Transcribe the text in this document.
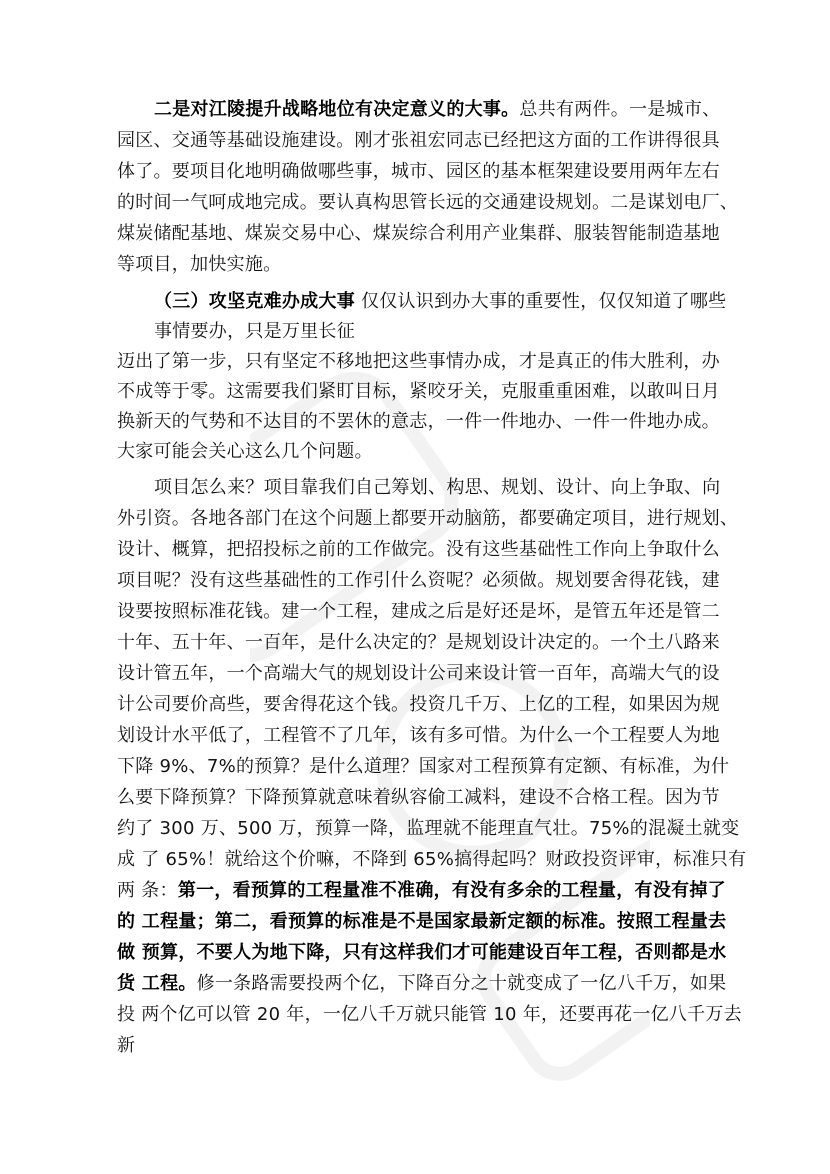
二是对江陵提升战略地位有决定意义的大事。总共有两件。一是城市、
园区、交通等基础设施建设。刚才张祖宏同志已经把这方面的工作讲得很具
体了。要项目化地明确做哪些事，城市、园区的基本框架建设要用两年左右
的时间一气呵成地完成。要认真构思管长远的交通建设规划。二是谋划电厂、
煤炭储配基地、煤炭交易中心、煤炭综合利用产业集群、服装智能制造基地
等项目，加快实施。
（三）攻坚克难办成大事 仅仅认识到办大事的重要性，仅仅知道了哪些
事情要办，只是万里长征
迈出了第一步，只有坚定不移地把这些事情办成，才是真正的伟大胜利，办
不成等于零。这需要我们紧盯目标，紧咬牙关，克服重重困难，以敢叫日月
换新天的气势和不达目的不罢休的意志，一件一件地办、一件一件地办成。
大家可能会关心这么几个问题。
项目怎么来？项目靠我们自己筹划、构思、规划、设计、向上争取、向
外引资。各地各部门在这个问题上都要开动脑筋，都要确定项目，进行规划、
设计、概算，把招投标之前的工作做完。没有这些基础性工作向上争取什么
项目呢？没有这些基础性的工作引什么资呢？必须做。规划要舍得花钱，建
设要按照标准花钱。建一个工程，建成之后是好还是坏，是管五年还是管二
十年、五十年、一百年，是什么决定的？是规划设计决定的。一个土八路来
设计管五年，一个高端大气的规划设计公司来设计管一百年，高端大气的设
计公司要价高些，要舍得花这个钱。投资几千万、上亿的工程，如果因为规
划设计水平低了，工程管不了几年，该有多可惜。为什么一个工程要人为地
下降 9%、7%的预算？是什么道理？国家对工程预算有定额、有标准，为什
么要下降预算？下降预算就意味着纵容偷工减料，建设不合格工程。因为节
约了 300 万、500 万，预算一降，监理就不能理直气壮。75%的混凝土就变
成 了 65%！就给这个价嘛，不降到 65%搞得起吗？财政投资评审，标准只有
两 条：第一，看预算的工程量准不准确，有没有多余的工程量，有没有掉了
的 工程量；第二，看预算的标准是不是国家最新定额的标准。按照工程量去
做 预算，不要人为地下降，只有这样我们才可能建设百年工程，否则都是水
货 工程。修一条路需要投两个亿，下降百分之十就变成了一亿八千万，如果
投 两个亿可以管 20 年，一亿八千万就只能管 10 年，还要再花一亿八千万去
新
